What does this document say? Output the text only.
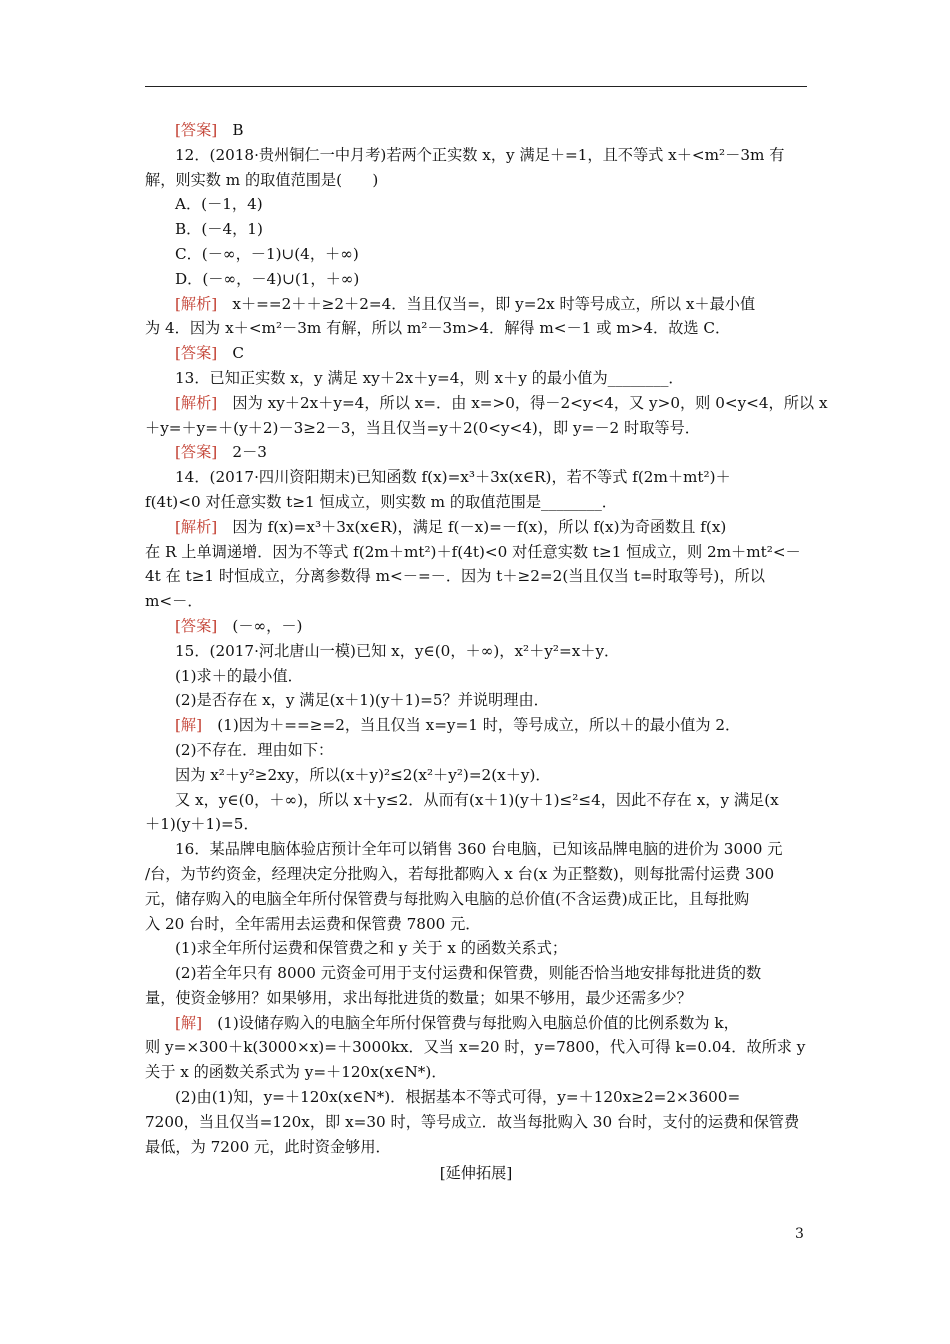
[答案]　B
12．(2018·贵州铜仁一中月考)若两个正实数 x，y 满足＋=1，且不等式 x＋<m²－3m 有
解，则实数 m 的取值范围是(　　)
A．(－1，4)
B．(－4，1)
C．(－∞，－1)∪(4，＋∞)
D．(－∞，－4)∪(1，＋∞)
[解析]　x＋==2＋＋≥2＋2=4．当且仅当=，即 y=2x 时等号成立，所以 x＋最小值
为 4．因为 x＋<m²－3m 有解，所以 m²－3m>4．解得 m<－1 或 m>4．故选 C．
[答案]　C
13．已知正实数 x，y 满足 xy＋2x＋y=4，则 x＋y 的最小值为________．
[解析]　因为 xy＋2x＋y=4，所以 x=．由 x=>0，得－2<y<4，又 y>0，则 0<y<4，所以 x
＋y=＋y=＋(y＋2)－3≥2－3，当且仅当=y＋2(0<y<4)，即 y=－2 时取等号．
[答案]　2－3
14．(2017·四川资阳期末)已知函数 f(x)=x³＋3x(x∈R)，若不等式 f(2m＋mt²)＋
f(4t)<0 对任意实数 t≥1 恒成立，则实数 m 的取值范围是________．
[解析]　因为 f(x)=x³＋3x(x∈R)，满足 f(－x)=－f(x)，所以 f(x)为奇函数且 f(x)
在 R 上单调递增．因为不等式 f(2m＋mt²)＋f(4t)<0 对任意实数 t≥1 恒成立，则 2m＋mt²<－
4t 在 t≥1 时恒成立，分离参数得 m<－=－．因为 t＋≥2=2(当且仅当 t=时取等号)，所以
m<－．
[答案]　(－∞，－)
15．(2017·河北唐山一模)已知 x，y∈(0，＋∞)，x²＋y²=x＋y．
(1)求＋的最小值．
(2)是否存在 x，y 满足(x＋1)(y＋1)=5？并说明理由．
[解]　(1)因为＋==≥=2，当且仅当 x=y=1 时，等号成立，所以＋的最小值为 2．
(2)不存在．理由如下：
因为 x²＋y²≥2xy，所以(x＋y)²≤2(x²＋y²)=2(x＋y)．
又 x，y∈(0，＋∞)，所以 x＋y≤2．从而有(x＋1)(y＋1)≤²≤4，因此不存在 x，y 满足(x
＋1)(y＋1)=5．
16．某品牌电脑体验店预计全年可以销售 360 台电脑，已知该品牌电脑的进价为 3000 元
/台，为节约资金，经理决定分批购入，若每批都购入 x 台(x 为正整数)，则每批需付运费 300
元，储存购入的电脑全年所付保管费与每批购入电脑的总价值(不含运费)成正比，且每批购
入 20 台时，全年需用去运费和保管费 7800 元．
(1)求全年所付运费和保管费之和 y 关于 x 的函数关系式；
(2)若全年只有 8000 元资金可用于支付运费和保管费，则能否恰当地安排每批进货的数
量，使资金够用？如果够用，求出每批进货的数量；如果不够用，最少还需多少？
[解]　(1)设储存购入的电脑全年所付保管费与每批购入电脑总价值的比例系数为 k，
则 y=×300＋k(3000×x)=＋3000kx．又当 x=20 时，y=7800，代入可得 k=0.04．故所求 y
关于 x 的函数关系式为 y=＋120x(x∈N*)．
(2)由(1)知，y=＋120x(x∈N*)．根据基本不等式可得，y=＋120x≥2=2×3600=
7200，当且仅当=120x，即 x=30 时，等号成立．故当每批购入 30 台时，支付的运费和保管费
最低，为 7200 元，此时资金够用．
[延伸拓展]
3
